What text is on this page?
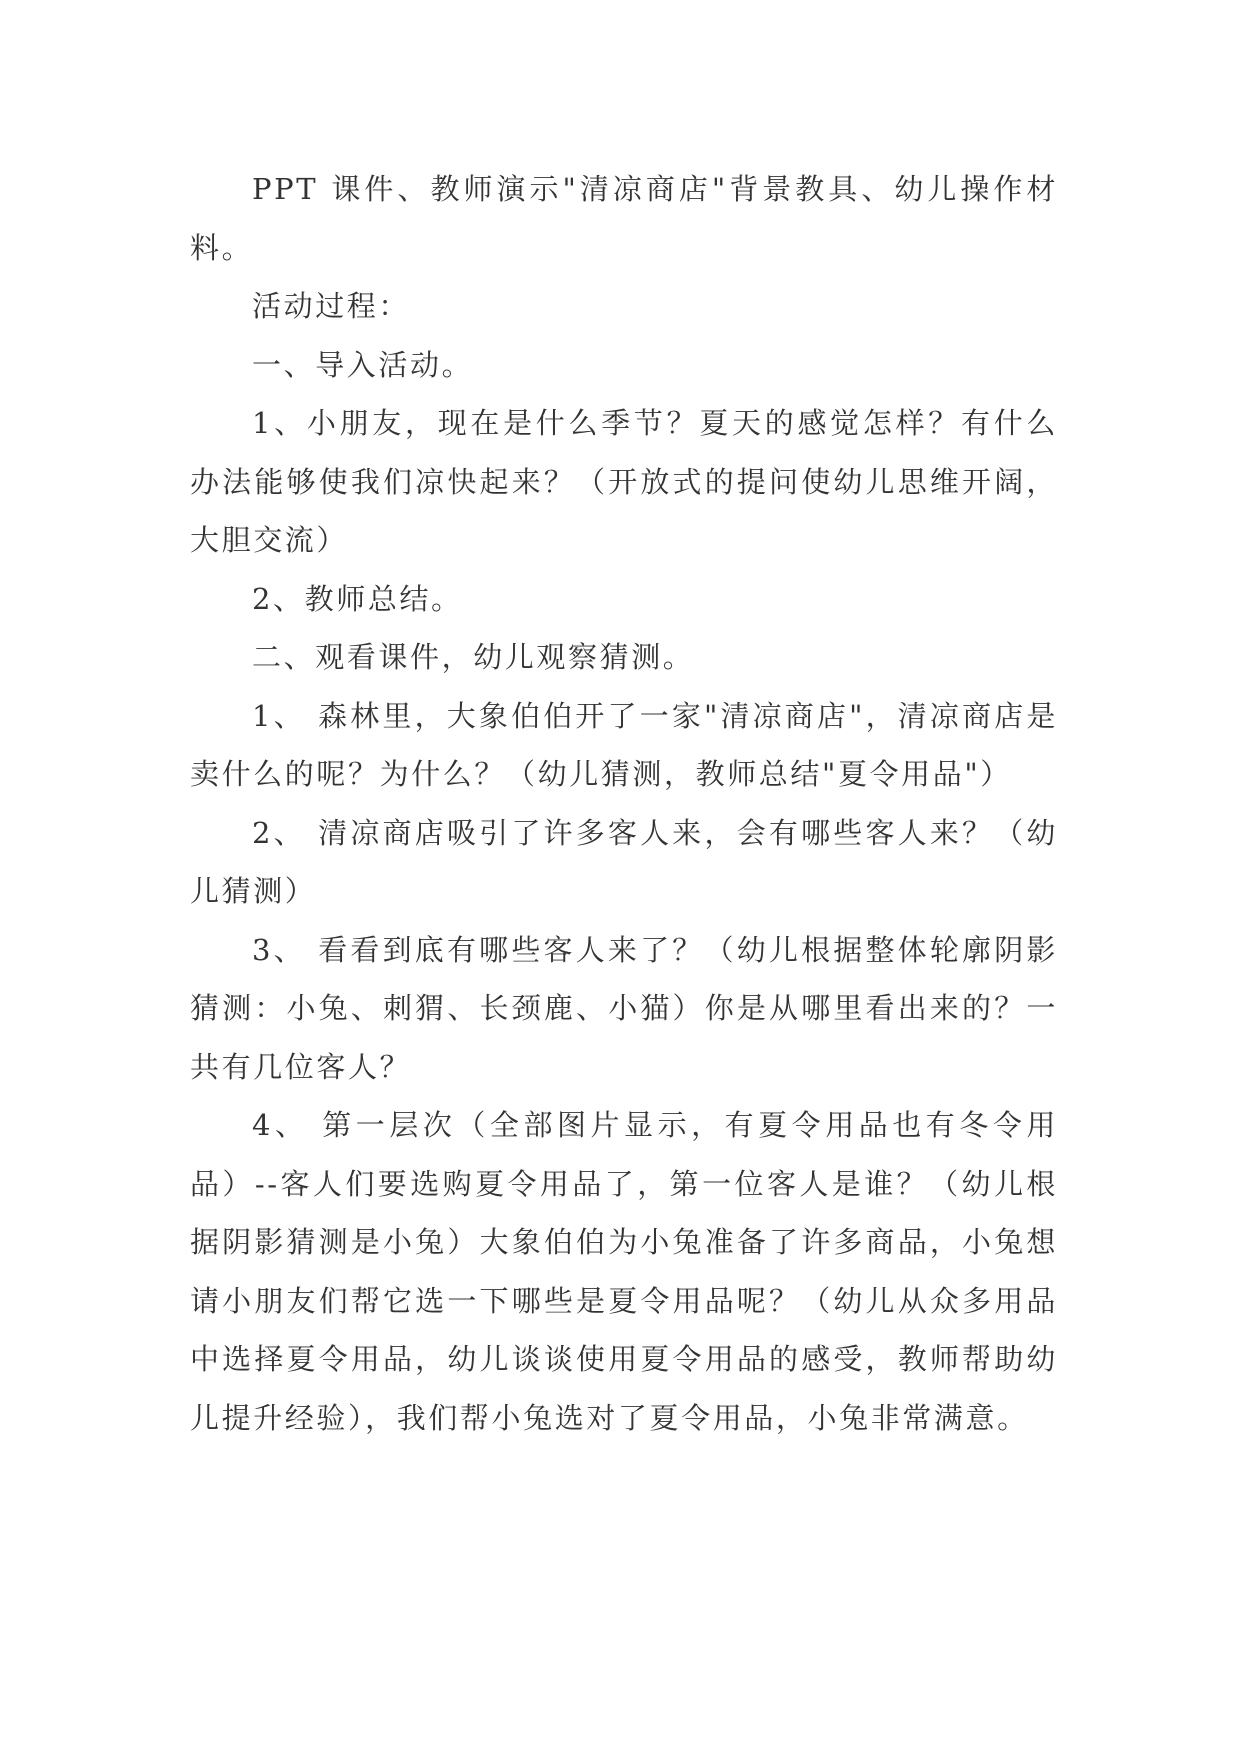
PPT 课件、教师演示"清凉商店"背景教具、幼儿操作材料。

活动过程：

一、导入活动。

1、小朋友，现在是什么季节？夏天的感觉怎样？有什么办法能够使我们凉快起来？（开放式的提问使幼儿思维开阔，大胆交流）

2、教师总结。

二、观看课件，幼儿观察猜测。

1、 森林里，大象伯伯开了一家"清凉商店"，清凉商店是卖什么的呢？为什么？（幼儿猜测，教师总结"夏令用品"）

2、 清凉商店吸引了许多客人来，会有哪些客人来？（幼儿猜测）

3、 看看到底有哪些客人来了？（幼儿根据整体轮廓阴影猜测：小兔、刺猬、长颈鹿、小猫）你是从哪里看出来的？一共有几位客人？

4、 第一层次（全部图片显示，有夏令用品也有冬令用品）--客人们要选购夏令用品了，第一位客人是谁？（幼儿根据阴影猜测是小兔）大象伯伯为小兔准备了许多商品，小兔想请小朋友们帮它选一下哪些是夏令用品呢？（幼儿从众多用品中选择夏令用品，幼儿谈谈使用夏令用品的感受，教师帮助幼儿提升经验），我们帮小兔选对了夏令用品，小兔非常满意。
